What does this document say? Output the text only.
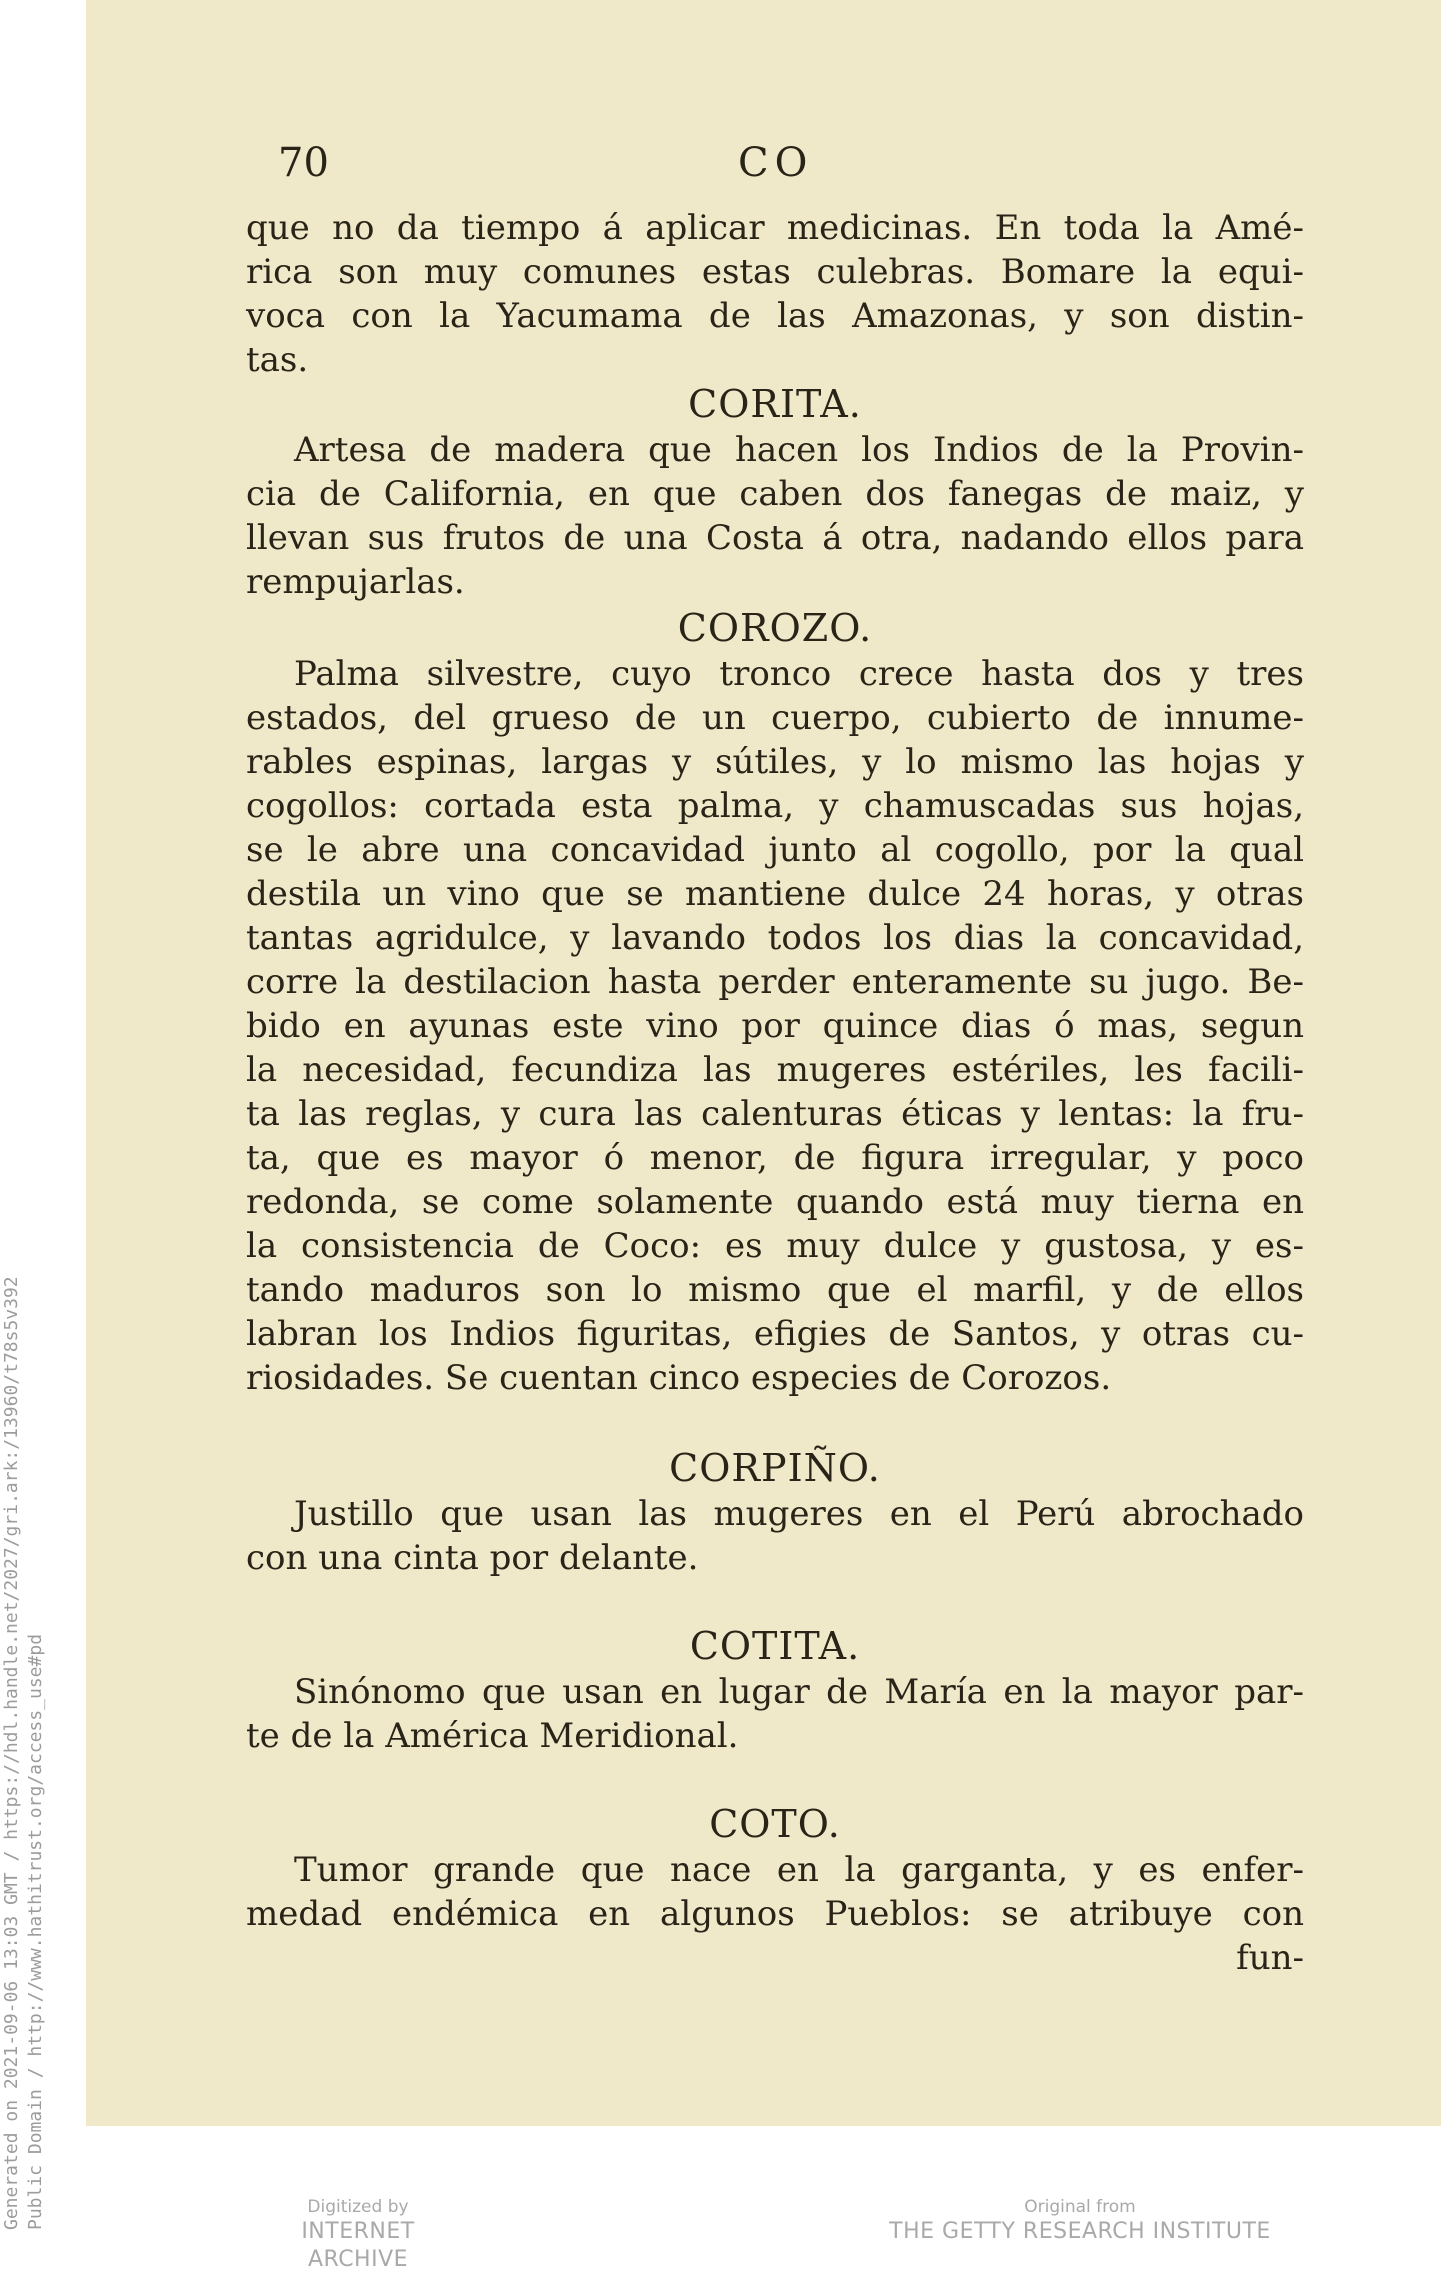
Generated on 2021-09-06 13:03 GMT / https://hdl.handle.net/2027/gri.ark:/13960/t78s5v392 Public Domain / http://www.hathitrust.org/access_use#pd
70	CO
que no da tiempo á aplicar medicinas. En toda la Amé-
rica son muy comunes estas culebras. Bomare la equi-
voca con la Yacumama de las Amazonas, y son distin-
tas.
CORITA.
Artesa de madera que hacen los Indios de la Provin-
cia de California, en que caben dos fanegas de maiz, y
llevan sus frutos de una Costa á otra, nadando ellos para
rempujarlas.
COROZO.
Palma silvestre, cuyo tronco crece hasta dos y tres
estados, del grueso de un cuerpo, cubierto de innume-
rables espinas, largas y sútiles, y lo mismo las hojas y
cogollos: cortada esta palma, y chamuscadas sus hojas,
se le abre una concavidad junto al cogollo, por la qual
destila un vino que se mantiene dulce 24 horas, y otras
tantas agridulce, y lavando todos los dias la concavidad,
corre la destilacion hasta perder enteramente su jugo. Be-
bido en ayunas este vino por quince dias ó mas, segun
la necesidad, fecundiza las mugeres estériles, les facili-
ta las reglas, y cura las calenturas éticas y lentas: la fru-
ta, que es mayor ó menor, de figura irregular, y poco
redonda, se come solamente quando está muy tierna en
la consistencia de Coco: es muy dulce y gustosa, y es-
tando maduros son lo mismo que el marfil, y de ellos
labran los Indios figuritas, efigies de Santos, y otras cu-
riosidades. Se cuentan cinco especies de Corozos.
CORPIÑO.
Justillo que usan las mugeres en el Perú abrochado
con una cinta por delante.
COTITA.
Sinónomo que usan en lugar de María en la mayor par-
te de la América Meridional.
COTO.
Tumor grande que nace en la garganta, y es enfer-
medad endémica en algunos Pueblos: se atribuye con
fun-
Digitized by
INTERNET ARCHIVE
Original from
THE GETTY RESEARCH INSTITUTE
